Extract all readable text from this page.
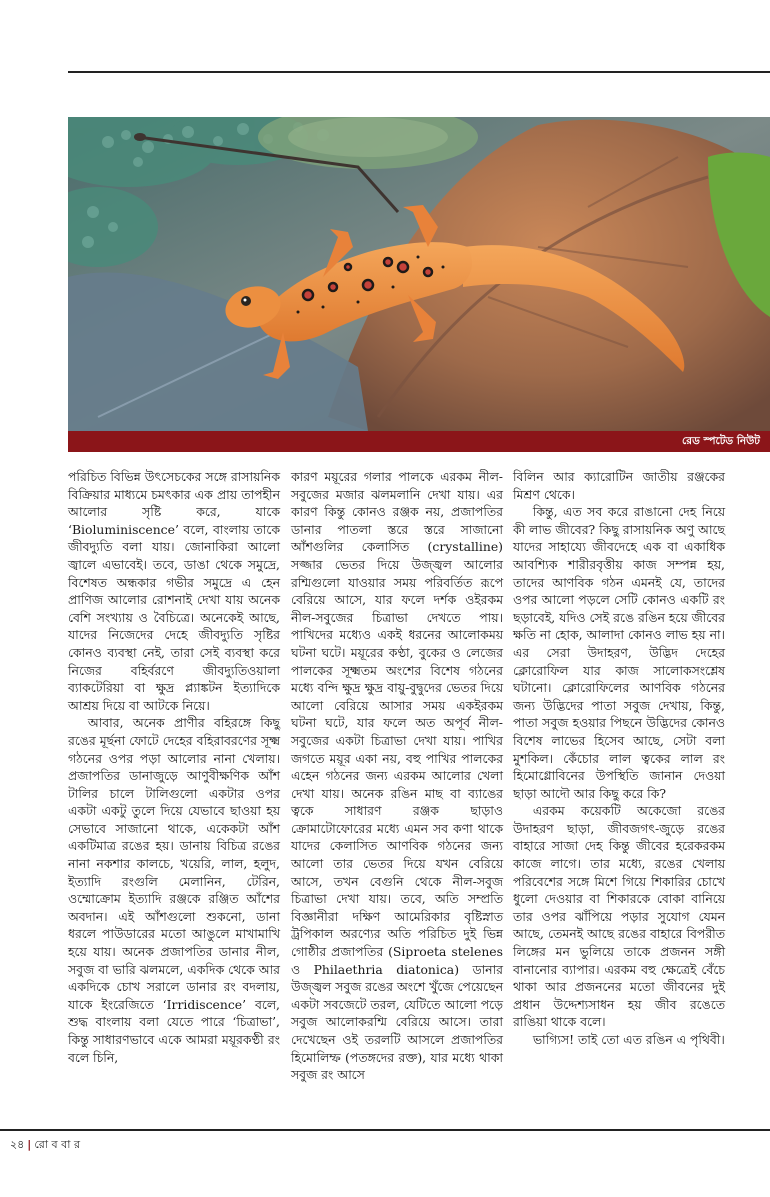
রেড স্পটেড নিউট

পরিচিত বিভিন্ন উৎসেচকের সঙ্গে রাসায়নিক বিক্রিয়ার মাধ্যমে চমৎকার এক প্রায় তাপহীন আলোর সৃষ্টি করে, যাকে ‘Bioluminiscence’ বলে, বাংলায় তাকে জীবদ্যুতি বলা যায়। জোনাকিরা আলো জ্বালে এভাবেই। তবে, ডাঙা থেকে সমুদ্রে, বিশেষত অন্ধকার গভীর সমুদ্রে এ হেন প্রাণিজ আলোর রোশনাই দেখা যায় অনেক বেশি সংখ্যায় ও বৈচিত্রে। অনেকেই আছে, যাদের নিজেদের দেহে জীবদ্যুতি সৃষ্টির কোনও ব্যবস্থা নেই, তারা সেই ব্যবস্থা করে নিজের বহির্বরণে জীবদ্যুতিওয়ালা ব্যাকটেরিয়া বা ক্ষুদ্র প্ল্যাঙ্কটন ইত্যাদিকে আশ্রয় দিয়ে বা আটকে নিয়ে।

আবার, অনেক প্রাণীর বহিরঙ্গে কিছু রঙের মূর্ছনা ফোটে দেহের বহিরাবরণের সূক্ষ্ম গঠনের ওপর পড়া আলোর নানা খেলায়। প্রজাপতির ডানাজুড়ে আণুবীক্ষণিক আঁশ টালির চালে টালিগুলো একটার ওপর একটা একটু তুলে দিয়ে যেভাবে ছাওয়া হয় সেভাবে সাজানো থাকে, একেকটা আঁশ একটিমাত্র রঙের হয়। ডানায় বিচিত্র রঙের নানা নকশার কালচে, খয়েরি, লাল, হলুদ, ইত্যাদি রংগুলি মেলানিন, টেরিন, ওম্মোক্রোম ইত্যাদি রঞ্জকে রঞ্জিত আঁশের অবদান। এই আঁশগুলো শুকনো, ডানা ধরলে পাউডারের মতো আঙুলে মাখামাখি হয়ে যায়। অনেক প্রজাপতির ডানার নীল, সবুজ বা ভারি ঝলমলে, একদিক থেকে আর একদিকে চোখ সরালে ডানার রং বদলায়, যাকে ইংরেজিতে ‘Irridiscence’ বলে, শুদ্ধ বাংলায় বলা যেতে পারে ‘চিত্রাভা’, কিন্তু সাধারণভাবে একে আমরা ময়ূরকণ্ঠী রং বলে চিনি,

কারণ ময়ূরের গলার পালকে এরকম নীল-সবুজের মজার ঝলমলানি দেখা যায়। এর কারণ কিন্তু কোনও রঞ্জক নয়, প্রজাপতির ডানার পাতলা স্তরে স্তরে সাজানো আঁশগুলির কেলাসিত (crystalline) সজ্জার ভেতর দিয়ে উজ্জ্বল আলোর রশ্মিগুলো যাওয়ার সময় পরিবর্তিত রূপে বেরিয়ে আসে, যার ফলে দর্শক ওইরকম নীল-সবুজের চিত্রাভা দেখতে পায়। পাখিদের মধ্যেও একই ধরনের আলোকময় ঘটনা ঘটে। ময়ূরের কণ্ঠা, বুকের ও লেজের পালকের সূক্ষ্মতম অংশের বিশেষ গঠনের মধ্যে বন্দি ক্ষুদ্র ক্ষুদ্র বায়ু-বুদ্বুদের ভেতর দিয়ে আলো বেরিয়ে আসার সময় একইরকম ঘটনা ঘটে, যার ফলে অত অপূর্ব নীল-সবুজের একটা চিত্রাভা দেখা যায়। পাখির জগতে ময়ূর একা নয়, বহু পাখির পালকের এহেন গঠনের জন্য এরকম আলোর খেলা দেখা যায়। অনেক রঙিন মাছ বা ব্যাঙের ত্বকে সাধারণ রঞ্জক ছাড়াও ক্রোমাটোফোরের মধ্যে এমন সব কণা থাকে যাদের কেলাসিত আণবিক গঠনের জন্য আলো তার ভেতর দিয়ে যখন বেরিয়ে আসে, তখন বেগুনি থেকে নীল-সবুজ চিত্রাভা দেখা যায়। তবে, অতি সম্প্রতি বিজ্ঞানীরা দক্ষিণ আমেরিকার বৃষ্টিস্নাত ট্রপিকাল অরণ্যের অতি পরিচিত দুই ভিন্ন গোষ্ঠীর প্রজাপতির (Siproeta stelenes ও Philaethria diatonica) ডানার উজ্জ্বল সবুজ রঙের অংশে খুঁজে পেয়েছেন একটা সবজেটে তরল, যেটিতে আলো পড়ে সবুজ আলোকরশ্মি বেরিয়ে আসে। তারা দেখেছেন ওই তরলটি আসলে প্রজাপতির হিমোলিম্ফ (পতঙ্গদের রক্ত), যার মধ্যে থাকা সবুজ রং আসে

বিলিন আর ক্যারোটিন জাতীয় রঞ্জকের মিশ্রণ থেকে।

কিন্তু, এত সব করে রাঙানো দেহ নিয়ে কী লাভ জীবের? কিছু রাসায়নিক অণু আছে যাদের সাহায্যে জীবদেহে এক বা একাধিক আবশ্যিক শারীরবৃত্তীয় কাজ সম্পন্ন হয়, তাদের আণবিক গঠন এমনই যে, তাদের ওপর আলো পড়লে সেটি কোনও একটি রং ছড়াবেই, যদিও সেই রঙে রঙিন হয়ে জীবের ক্ষতি না হোক, আলাদা কোনও লাভ হয় না। এর সেরা উদাহরণ, উদ্ভিদ দেহের ক্লোরোফিল যার কাজ সালোকসংশ্লেষ ঘটানো। ক্লোরোফিলের আণবিক গঠনের জন্য উদ্ভিদের পাতা সবুজ দেখায়, কিন্তু, পাতা সবুজ হওয়ার পিছনে উদ্ভিদের কোনও বিশেষ লাভের হিসেব আছে, সেটা বলা মুশকিল। কেঁচোর লাল ত্বকের লাল রং হিমোগ্লোবিনের উপস্থিতি জানান দেওয়া ছাড়া আদৌ আর কিছু করে কি?

এরকম কয়েকটি অকেজো রঙের উদাহরণ ছাড়া, জীবজগৎ-জুড়ে রঙের বাহারে সাজা দেহ কিন্তু জীবের হরেকরকম কাজে লাগে। তার মধ্যে, রঙের খেলায় পরিবেশের সঙ্গে মিশে গিয়ে শিকারির চোখে ধুলো দেওয়ার বা শিকারকে বোকা বানিয়ে তার ওপর ঝাঁপিয়ে পড়ার সুযোগ যেমন আছে, তেমনই আছে রঙের বাহারে বিপরীত লিঙ্গের মন ভুলিয়ে তাকে প্রজনন সঙ্গী বানানোর ব্যাপার। এরকম বহু ক্ষেত্রেই বেঁচে থাকা আর প্রজননের মতো জীবনের দুই প্রধান উদ্দেশ্যসাধন হয় জীব রঙেতে রাঙিয়া থাকে বলে।

ভাগ্যিস! তাই তো এত রঙিন এ পৃথিবী।

২৪ | রো ব বা র
